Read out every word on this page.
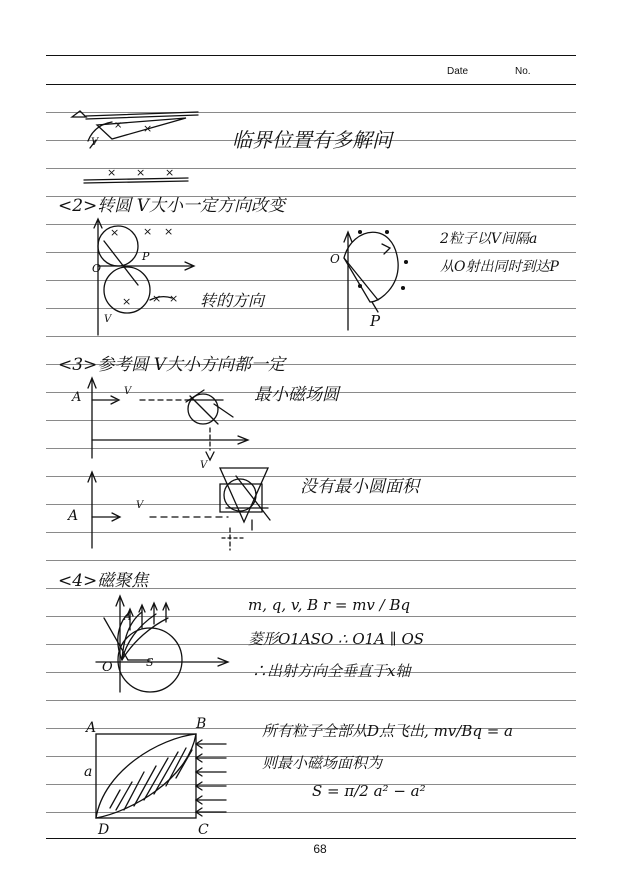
Date	No.
×
×
× × ×
× × ×
× × ×
V	临界位置有多解问
<2>转圆 V大小一定方向改变
O
P
V
转的方向
O
P
2粒子以V间隔a
从O射出同时到达P
<3>参考圆 V大小方向都一定
A	V
V
最小磁场圆
A
V
没有最小圆面积
<4>磁聚焦
O	S
A
m, q, v, B r = mv / Bq
菱形O1ASO ∴ O1A ∥ OS
∴出射方向全垂直于x轴
A	B
D	C
a
所有粒子全部从D点飞出, mv/Bq = a
则最小磁场面积为
S = π/2 a² − a²
68
